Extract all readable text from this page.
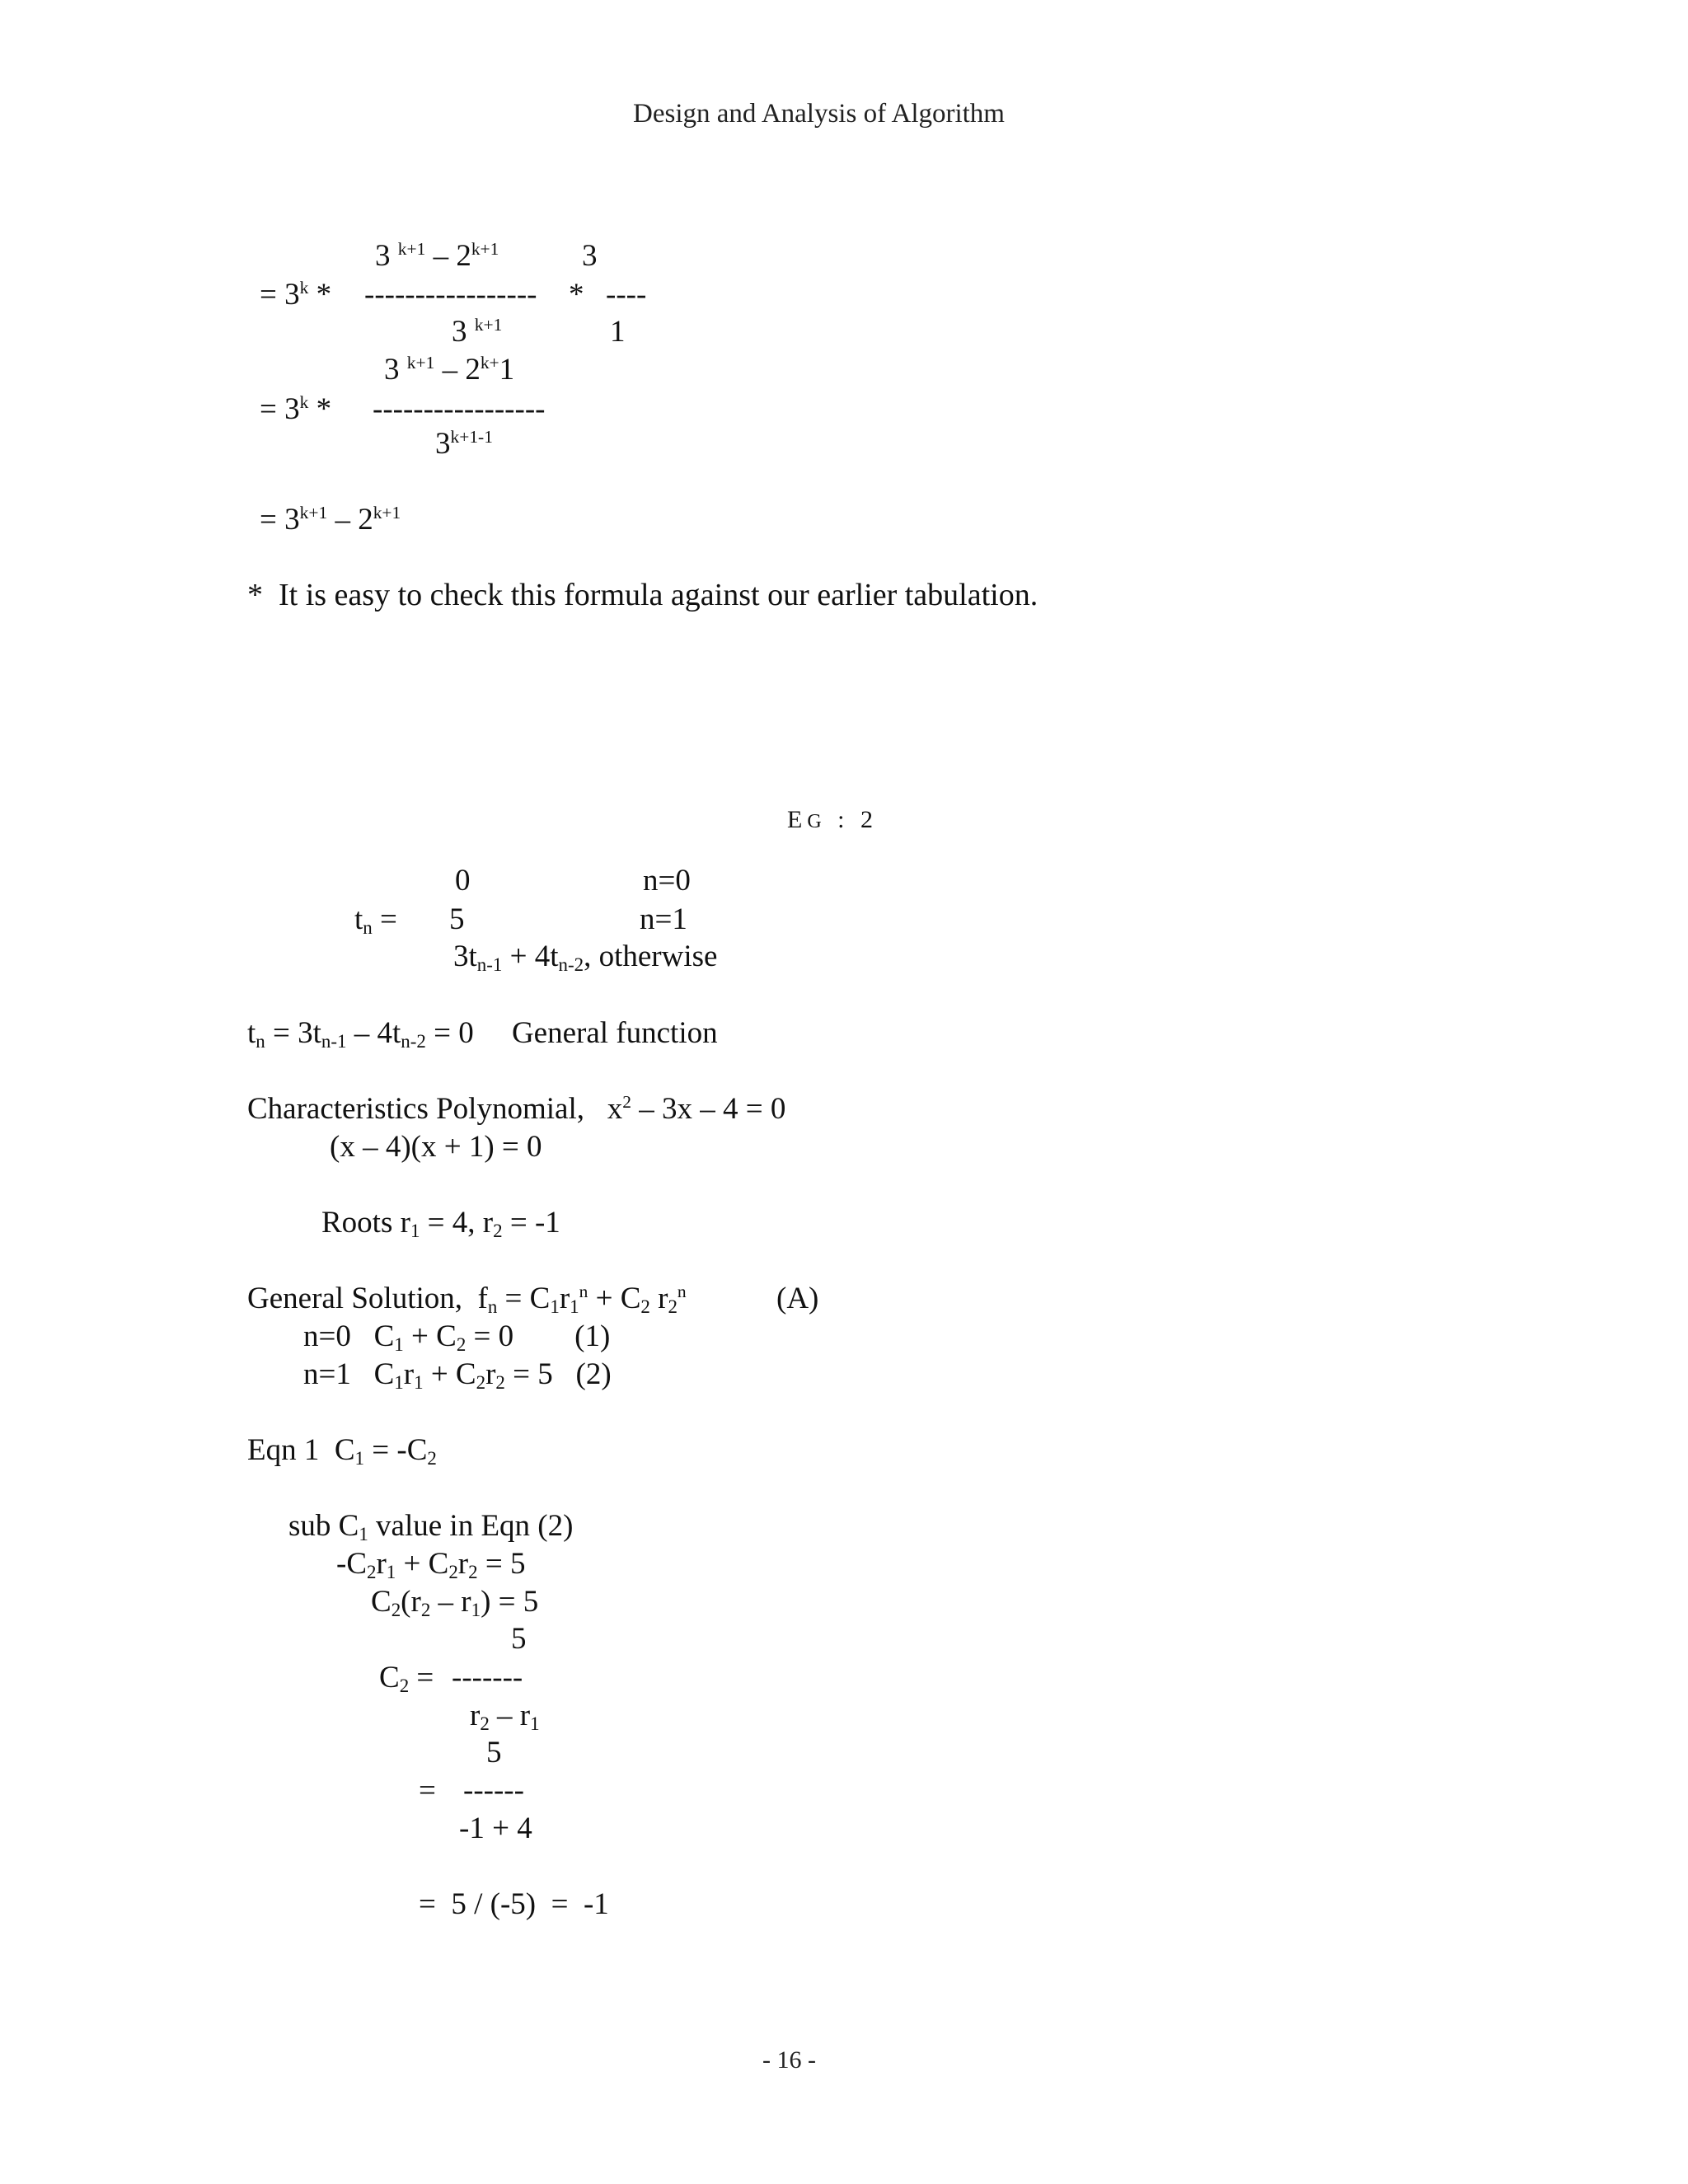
Design and Analysis of Algorithm
3 $^{k+1} - 2^{k+1}$	3
= $3^k$ * ----------------- * ----
3 $^{k+1}$	1
3 $^{k+1} - 2^{k+}1$
= $3^k$ * -----------------
$3^{k+1-1}$
= $3^{k+1} - 2^{k+1}$
*  It is easy to check this formula against our earlier tabulation.
EG : 2
0	n=0
$t_n = 5$	n=1
$3t_{n-1} + 4t_{n-2}$, otherwise
$t_n = 3t_{n-1} - 4t_{n-2} = 0$     General function
Characteristics Polynomial,   $x^2 - 3x - 4 = 0$
(x – 4)(x + 1) = 0
Roots $r_1 = 4$, $r_2 = -1$
General Solution,  $f_n = C_1r_1^n + C_2$ $r_2^n$	(A)
n=0   $C_1 + C_2 = 0$        (1)
n=1   $C_1r_1 + C_2r_2 = 5$   (2)
Eqn 1  $C_1 = -C_2$
sub $C_1$ value in Eqn (2)
$-C_2r_1 + C_2r_2 = 5$
$C_2(r_2 - r_1) = 5$
5
$C_2$ = -------
$r_2 - r_1$
5
= ------
-1 + 4
=  5 / (-5)  =  -1
- 16 -
